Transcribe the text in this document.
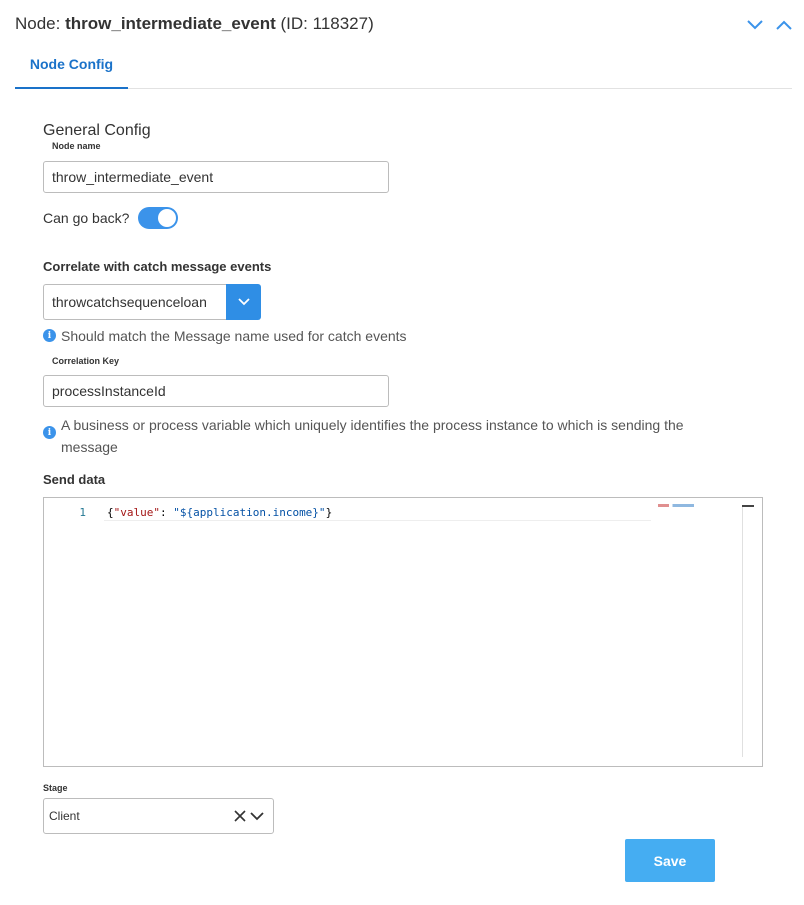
Node: throw_intermediate_event (ID: 118327)
Node Config
General Config
Node name
throw_intermediate_event
Can go back?
Correlate with catch message events
throwcatchsequenceloan
i Should match the Message name used for catch events
Correlation Key
processInstanceId
i A business or process variable which uniquely identifies the process instance to which is sending the
message
Send data
1 {"value": "${application.income}"}
Stage
Client
Save
